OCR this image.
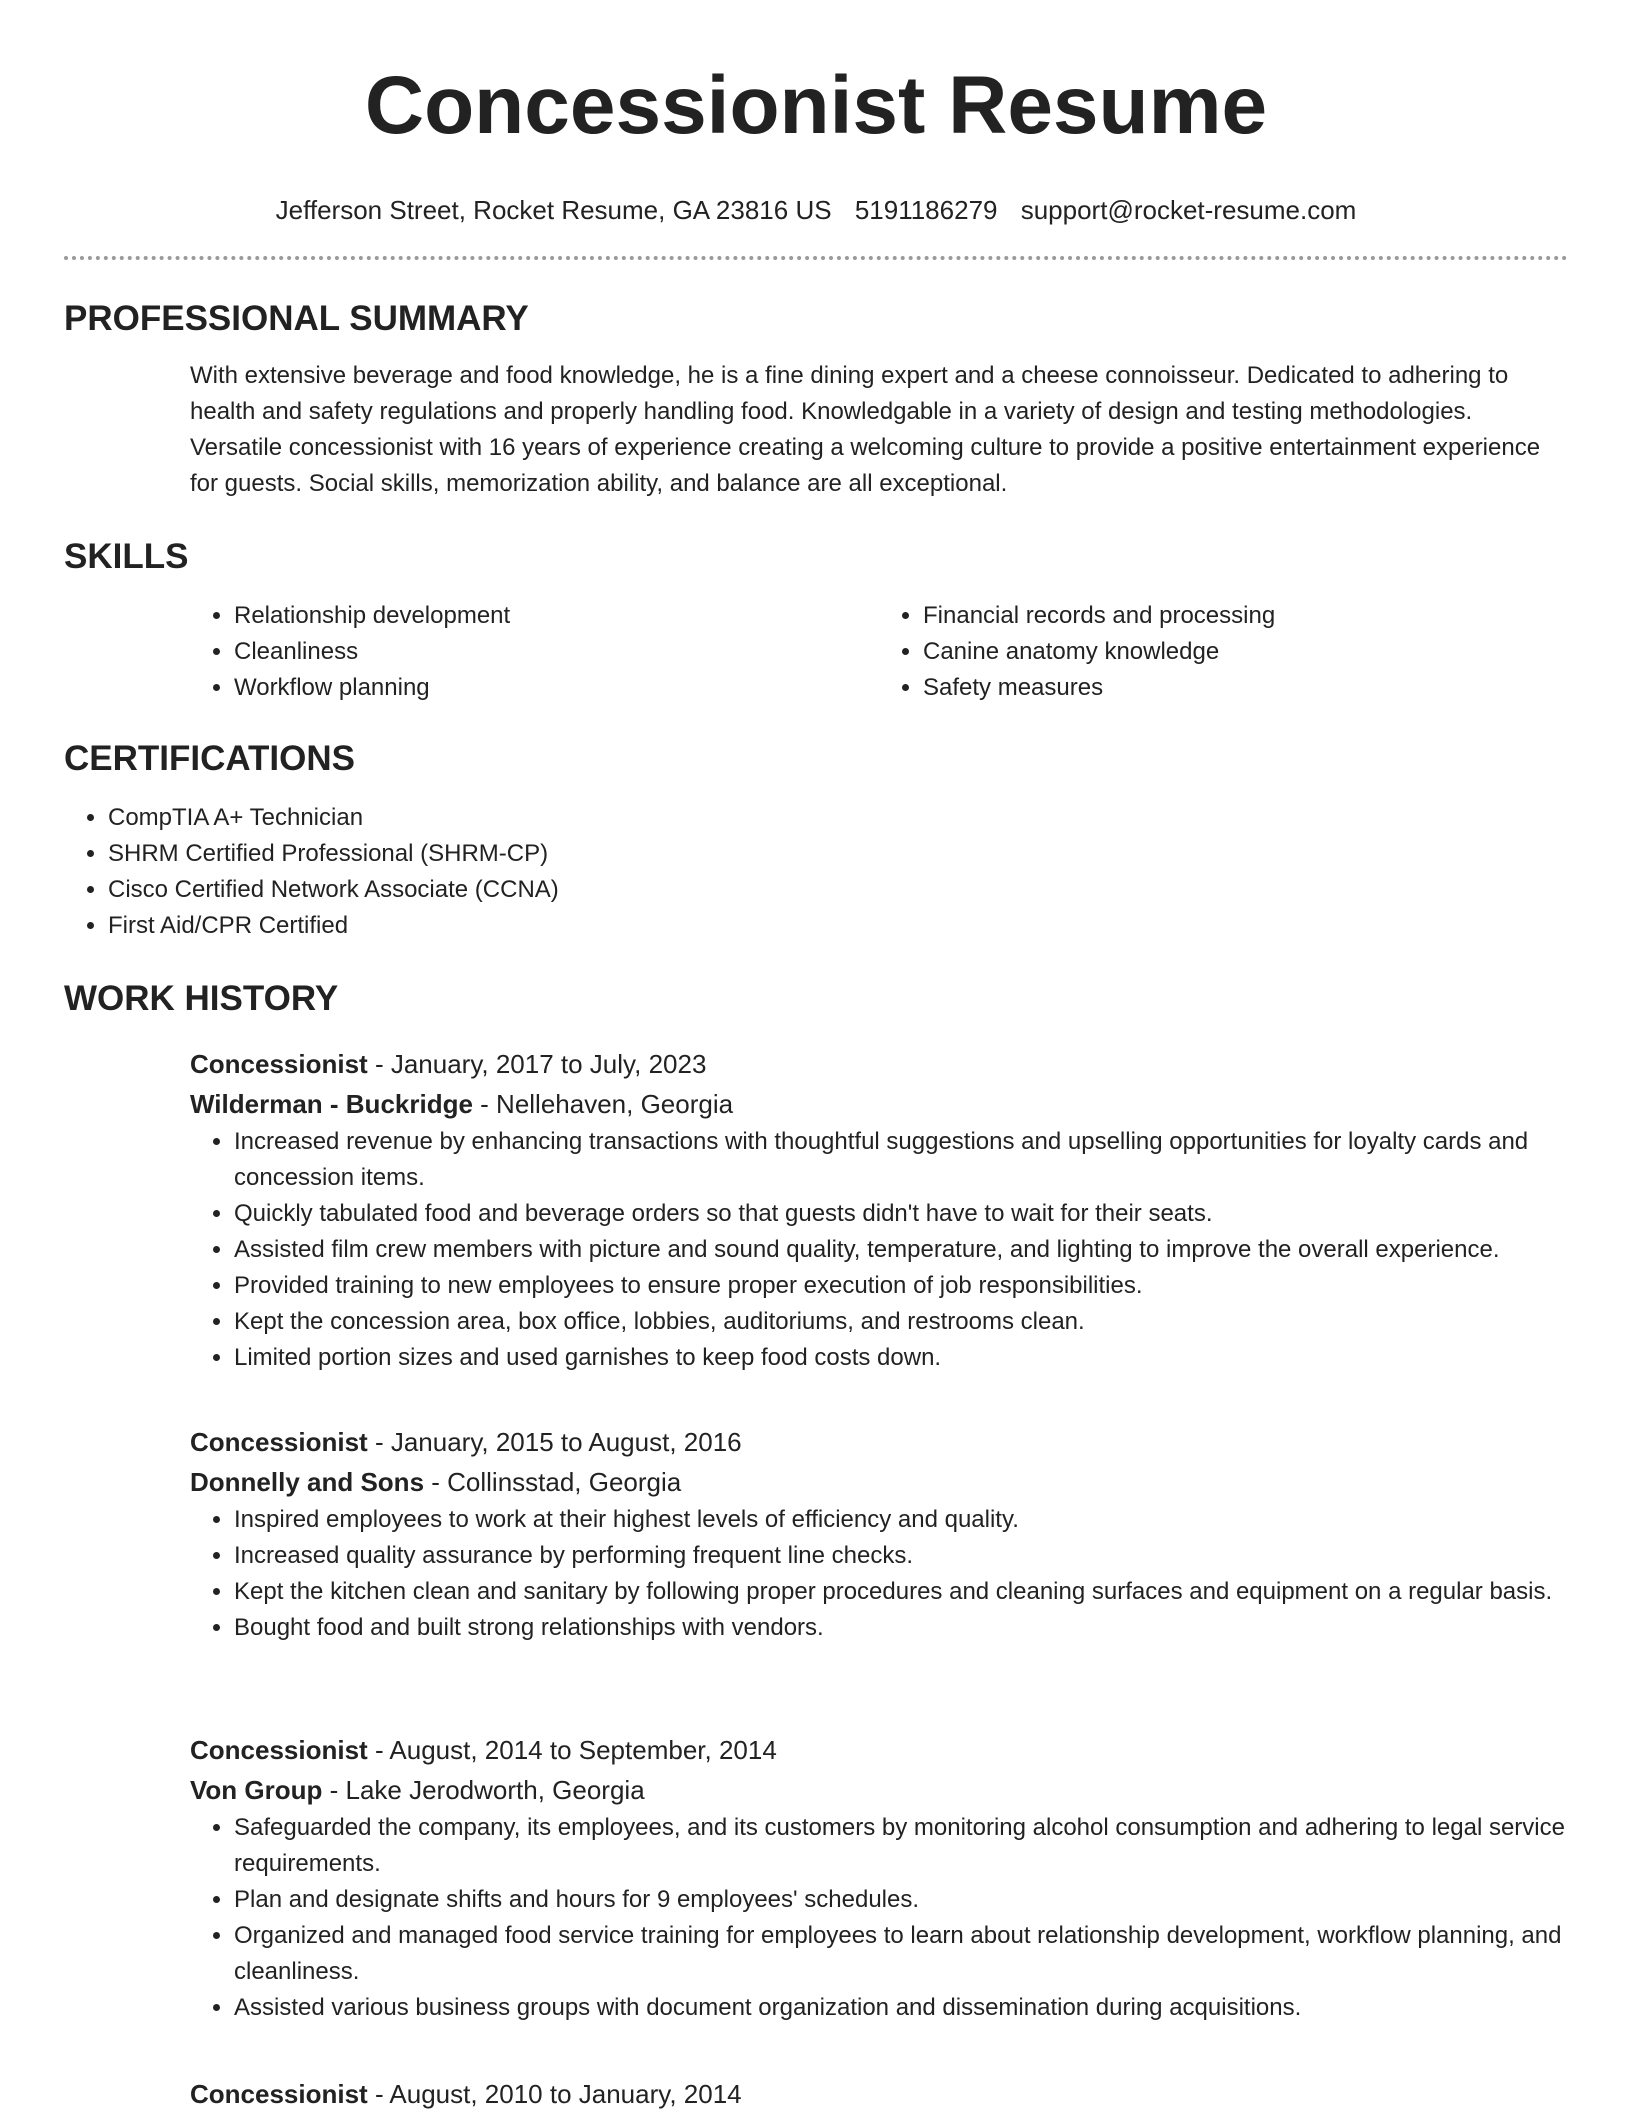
Concessionist Resume
Jefferson Street, Rocket Resume, GA 23816 US 5191186279 support@rocket-resume.com
PROFESSIONAL SUMMARY
With extensive beverage and food knowledge, he is a fine dining expert and a cheese connoisseur. Dedicated to adhering to health and safety regulations and properly handling food. Knowledgable in a variety of design and testing methodologies. Versatile concessionist with 16 years of experience creating a welcoming culture to provide a positive entertainment experience for guests. Social skills, memorization ability, and balance are all exceptional.
SKILLS
• Relationship development
• Cleanliness
• Workflow planning
• Financial records and processing
• Canine anatomy knowledge
• Safety measures
CERTIFICATIONS
• CompTIA A+ Technician
• SHRM Certified Professional (SHRM-CP)
• Cisco Certified Network Associate (CCNA)
• First Aid/CPR Certified
WORK HISTORY
Concessionist - January, 2017 to July, 2023
Wilderman - Buckridge - Nellehaven, Georgia
• Increased revenue by enhancing transactions with thoughtful suggestions and upselling opportunities for loyalty cards and concession items.
• Quickly tabulated food and beverage orders so that guests didn't have to wait for their seats.
• Assisted film crew members with picture and sound quality, temperature, and lighting to improve the overall experience.
• Provided training to new employees to ensure proper execution of job responsibilities.
• Kept the concession area, box office, lobbies, auditoriums, and restrooms clean.
• Limited portion sizes and used garnishes to keep food costs down.
Concessionist - January, 2015 to August, 2016
Donnelly and Sons - Collinsstad, Georgia
• Inspired employees to work at their highest levels of efficiency and quality.
• Increased quality assurance by performing frequent line checks.
• Kept the kitchen clean and sanitary by following proper procedures and cleaning surfaces and equipment on a regular basis.
• Bought food and built strong relationships with vendors.
Concessionist - August, 2014 to September, 2014
Von Group - Lake Jerodworth, Georgia
• Safeguarded the company, its employees, and its customers by monitoring alcohol consumption and adhering to legal service requirements.
• Plan and designate shifts and hours for 9 employees' schedules.
• Organized and managed food service training for employees to learn about relationship development, workflow planning, and cleanliness.
• Assisted various business groups with document organization and dissemination during acquisitions.
Concessionist - August, 2010 to January, 2014
